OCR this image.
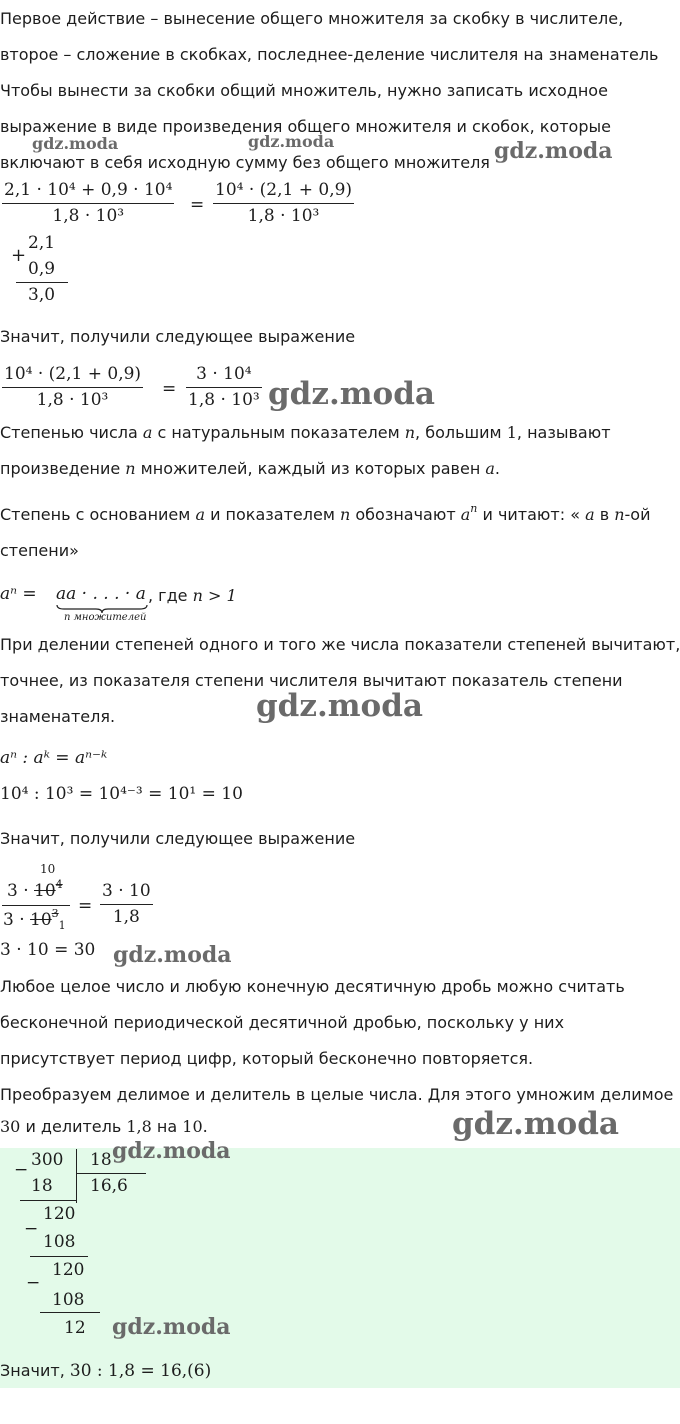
Первое действие – вынесение общего множителя за скобку в числителе,
второе – сложение в скобках, последнее-деление числителя на знаменатель
Чтобы вынести за скобки общий множитель, нужно записать исходное
выражение в виде произведения общего множителя и скобок, которые
включают в себя исходную сумму без общего множителя
gdz.moda	gdz.moda	gdz.moda
2,1 · 10⁴ + 0,9 · 10⁴
1,8 · 10³
=
10⁴ · (2,1 + 0,9)
1,8 · 10³
+
2,1
0,9
3,0
Значит, получили следующее выражение
10⁴ · (2,1 + 0,9)
1,8 · 10³
=
3 · 10⁴
1,8 · 10³ gdz.moda
Степенью числа a с натуральным показателем n, большим 1, называют
произведение n множителей, каждый из которых равен a.
Степень с основанием a и показателем n обозначают $a^n$ и читают: « a в n-ой
степени»
aⁿ = aa · . . . · a
n множителей
, где n > 1
При делении степеней одного и того же числа показатели степеней вычитают,
точнее, из показателя степени числителя вычитают показатель степени
знаменателя.	gdz.moda
aⁿ : aᵏ = aⁿ⁻ᵏ
10⁴ : 10³ = 10⁴⁻³ = 10¹ = 10
Значит, получили следующее выражение
10
$3 \cdot 10^4$
$3 \cdot 10^3_1$
=
3 · 10
1,8
3 · 10 = 30 gdz.moda
Любое целое число и любую конечную десятичную дробь можно считать
бесконечной периодической десятичной дробью, поскольку у них
присутствует период цифр, который бесконечно повторяется.
Преобразуем делимое и делитель в целые числа. Для этого умножим делимое
30 и делитель 1,8 на 10.	gdz.moda
− 300 18 gdz.moda
18 16,6
−
120
108
−
120
108
12 gdz.moda
Значит, 30 : 1,8 = 16,(6)
